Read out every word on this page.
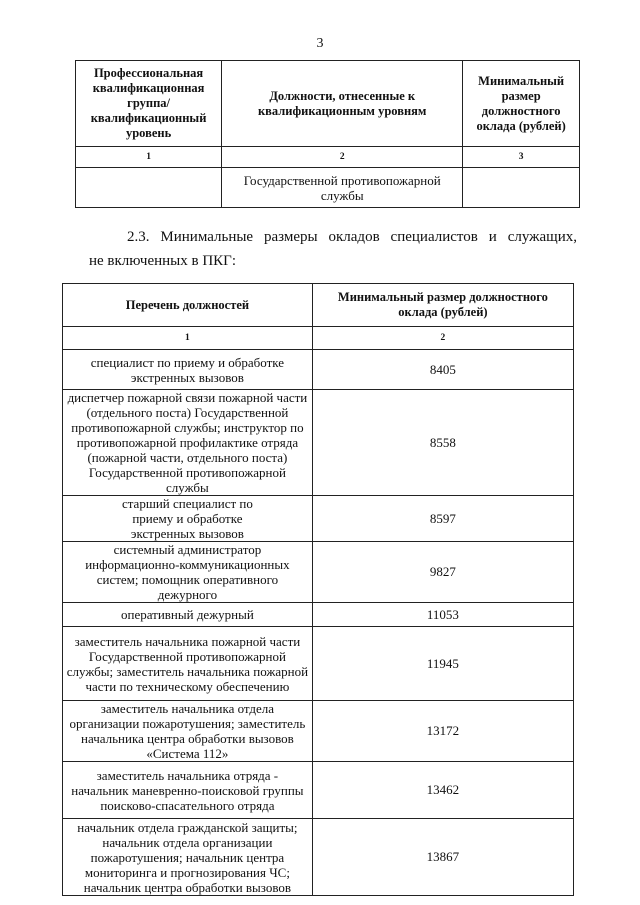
3
Профессиональная квалификационная группа/ квалификационный уровень	Должности, отнесенные к квалификационным уровням	Минимальный размер должностного оклада (рублей)
1	2	3
	Государственной противопожарной службы	
2.3. Минимальные размеры окладов специалистов и служащих,
не включенных в ПКГ:
Перечень должностей	Минимальный размер должностного оклада (рублей)
1	2
специалист по приему и обработке экстренных вызовов	8405
диспетчер пожарной связи пожарной части (отдельного поста) Государственной противопожарной службы; инструктор по противопожарной профилактике отряда (пожарной части, отдельного поста) Государственной противопожарной службы	8558
старший специалист по приему и обработке экстренных вызовов	8597
системный администратор информационно-коммуникационных систем; помощник оперативного дежурного	9827
оперативный дежурный	11053
заместитель начальника пожарной части Государственной противопожарной службы; заместитель начальника пожарной части по техническому обеспечению	11945
заместитель начальника отдела организации пожаротушения; заместитель начальника центра обработки вызовов «Система 112»	13172
заместитель начальника отряда - начальник маневренно-поисковой группы поисково-спасательного отряда	13462
начальник отдела гражданской защиты; начальник отдела организации пожаротушения; начальник центра мониторинга и прогнозирования ЧС; начальник центра обработки вызовов	13867
